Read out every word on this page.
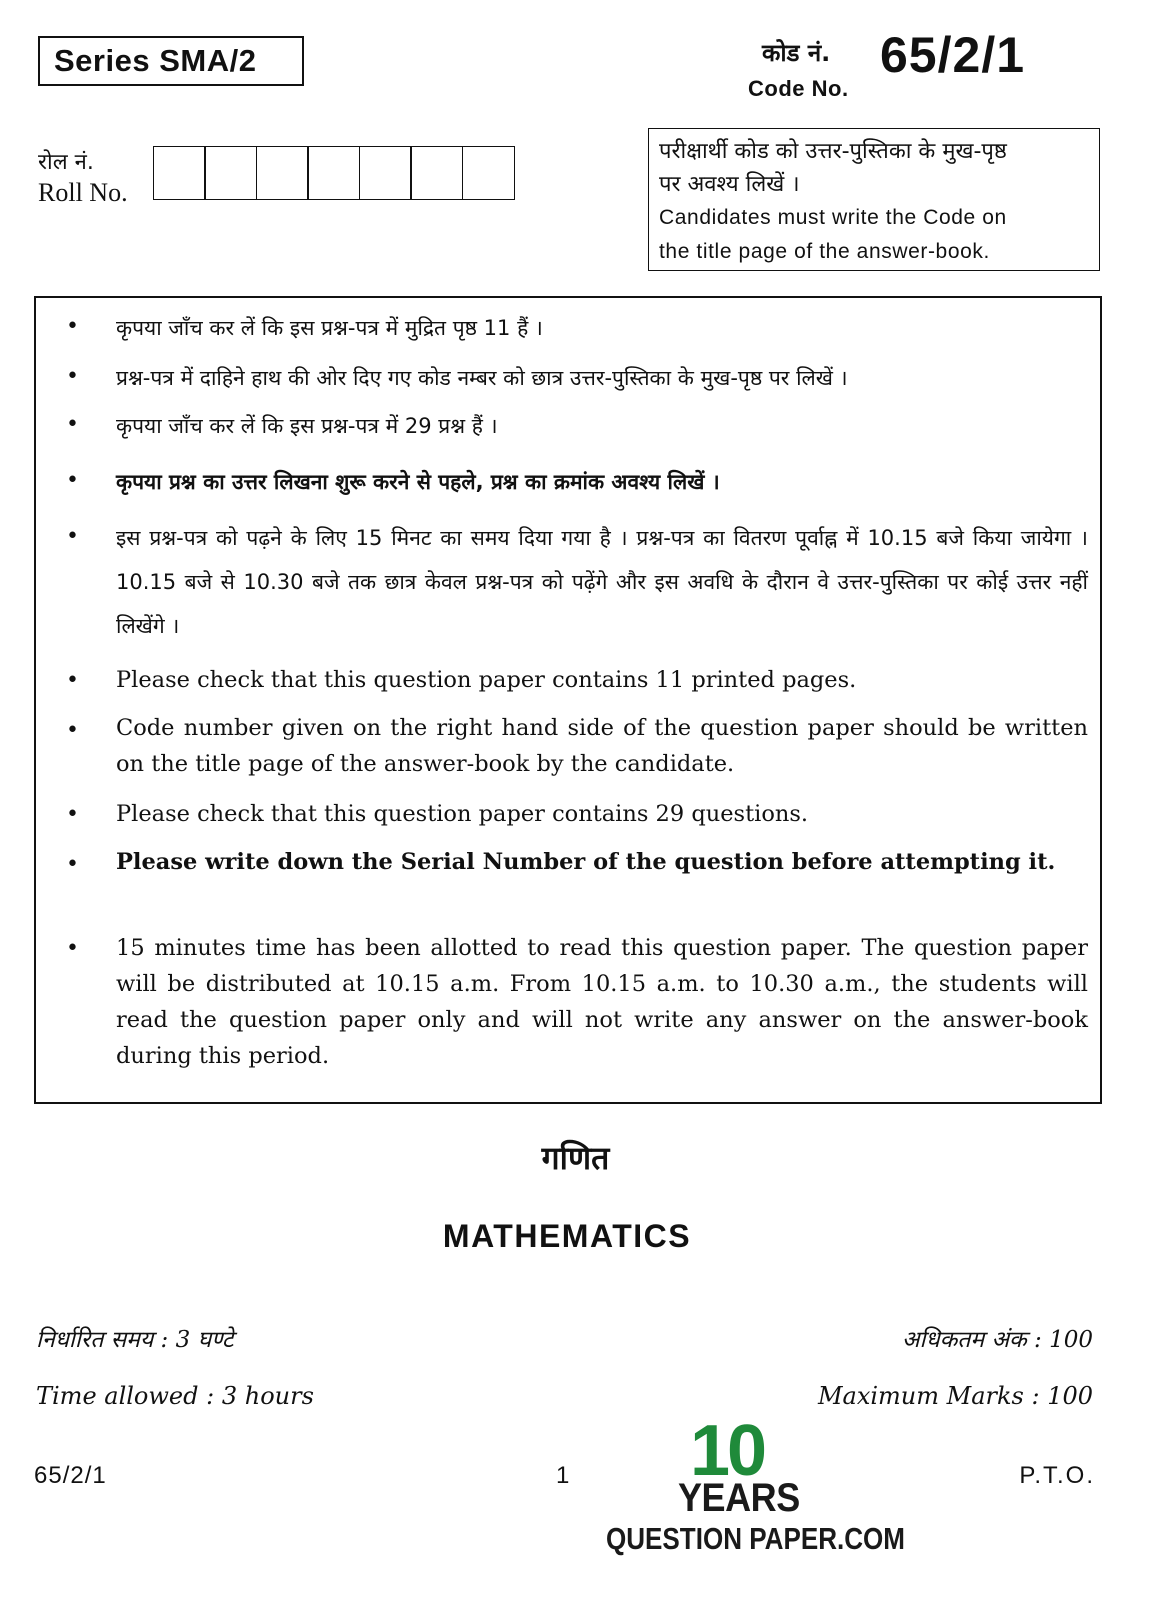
Series SMA/2	कोड नं. 65/2/1
Code No.
रोल नं.
Roll No.
परीक्षार्थी कोड को उत्तर-पुस्तिका के मुख-पृष्ठ
पर अवश्य लिखें ।
Candidates must write the Code on
the title page of the answer-book.
• कृपया जाँच कर लें कि इस प्रश्न-पत्र में मुद्रित पृष्ठ 11 हैं ।
• प्रश्न-पत्र में दाहिने हाथ की ओर दिए गए कोड नम्बर को छात्र उत्तर-पुस्तिका के मुख-पृष्ठ पर लिखें ।
• कृपया जाँच कर लें कि इस प्रश्न-पत्र में 29 प्रश्न हैं ।
• कृपया प्रश्न का उत्तर लिखना शुरू करने से पहले, प्रश्न का क्रमांक अवश्य लिखें ।
• इस प्रश्न-पत्र को पढ़ने के लिए 15 मिनट का समय दिया गया है । प्रश्न-पत्र का वितरण पूर्वाह्न में 10.15 बजे किया जायेगा । 10.15 बजे से 10.30 बजे तक छात्र केवल प्रश्न-पत्र को पढ़ेंगे और इस अवधि के दौरान वे उत्तर-पुस्तिका पर कोई उत्तर नहीं लिखेंगे ।
• Please check that this question paper contains 11 printed pages.
• Code number given on the right hand side of the question paper should be written on the title page of the answer-book by the candidate.
• Please check that this question paper contains 29 questions.
• Please write down the Serial Number of the question before attempting it.
• 15 minutes time has been allotted to read this question paper. The question paper will be distributed at 10.15 a.m. From 10.15 a.m. to 10.30 a.m., the students will read the question paper only and will not write any answer on the answer-book during this period.
गणित
MATHEMATICS
निर्धारित समय : 3 घण्टे	अधिकतम अंक : 100
Time allowed : 3 hours	Maximum Marks : 100
65/2/1	1	P.T.O.
10
YEARS
QUESTION PAPER.COM
